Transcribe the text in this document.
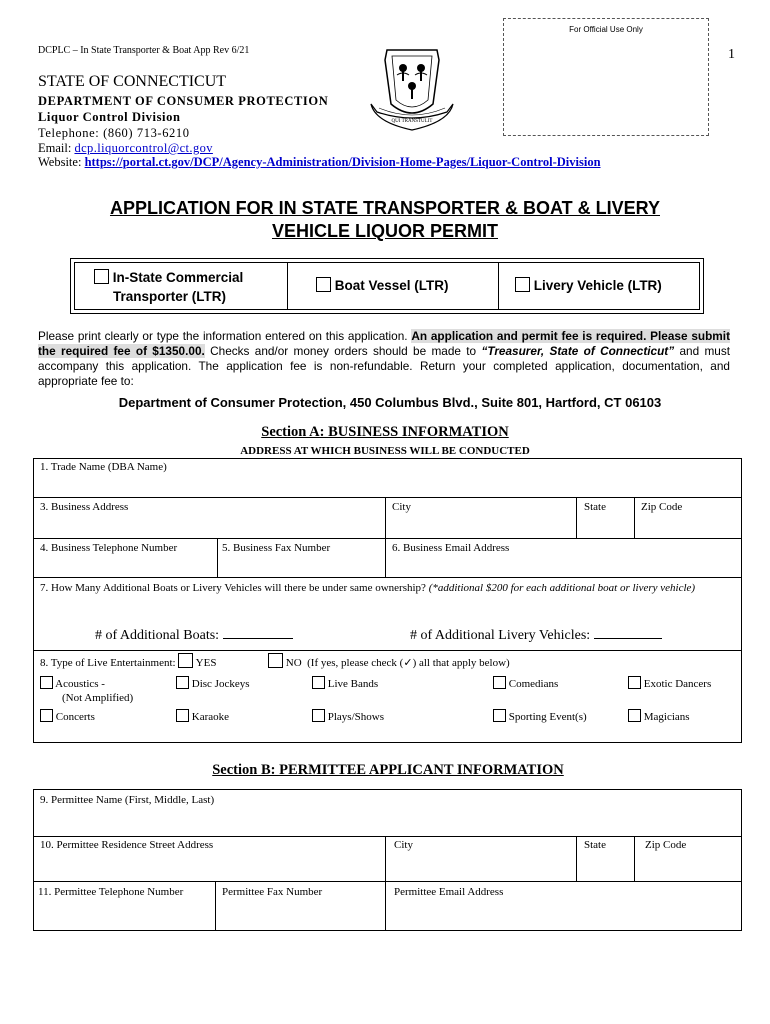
For Official Use Only
DCPLC – In State Transporter & Boat App Rev 6/21	1
QUI TRANSTULIT
STATE OF CONNECTICUT
DEPARTMENT OF CONSUMER PROTECTION
Liquor Control Division
Telephone: (860) 713-6210
Email: dcp.liquorcontrol@ct.gov
Website: https://portal.ct.gov/DCP/Agency-Administration/Division-Home-Pages/Liquor-Control-Division
APPLICATION FOR IN STATE TRANSPORTER & BOAT & LIVERY
VEHICLE LIQUOR PERMIT
In-State Commercial
Transporter (LTR)
Boat Vessel (LTR)	Livery Vehicle (LTR)
Please print clearly or type the information entered on this application. An application and permit fee is required. Please submit the required fee of $1350.00. Checks and/or money orders should be made to “Treasurer, State of Connecticut” and must accompany this application. The application fee is non-refundable. Return your completed application, documentation, and appropriate fee to:
Department of Consumer Protection, 450 Columbus Blvd., Suite 801, Hartford, CT 06103
Section A: BUSINESS INFORMATION
ADDRESS AT WHICH BUSINESS WILL BE CONDUCTED
1. Trade Name (DBA Name)
3. Business Address	City	State	Zip Code
4. Business Telephone Number	5. Business Fax Number	6. Business Email Address
7. How Many Additional Boats or Livery Vehicles will there be under same ownership? (*additional $200 for each additional boat or livery vehicle)
# of Additional Boats:	# of Additional Livery Vehicles:
8. Type of Live Entertainment: YES	NO (If yes, please check (✓) all that apply below)
Acoustics -
(Not Amplified)
Concerts
Disc Jockeys
Karaoke
Live Bands
Plays/Shows
Comedians
Sporting Event(s)
Exotic Dancers
Magicians
Section B: PERMITTEE APPLICANT INFORMATION
9. Permittee Name (First, Middle, Last)
10. Permittee Residence Street Address	City	State	Zip Code
11. Permittee Telephone Number	Permittee Fax Number	Permittee Email Address
